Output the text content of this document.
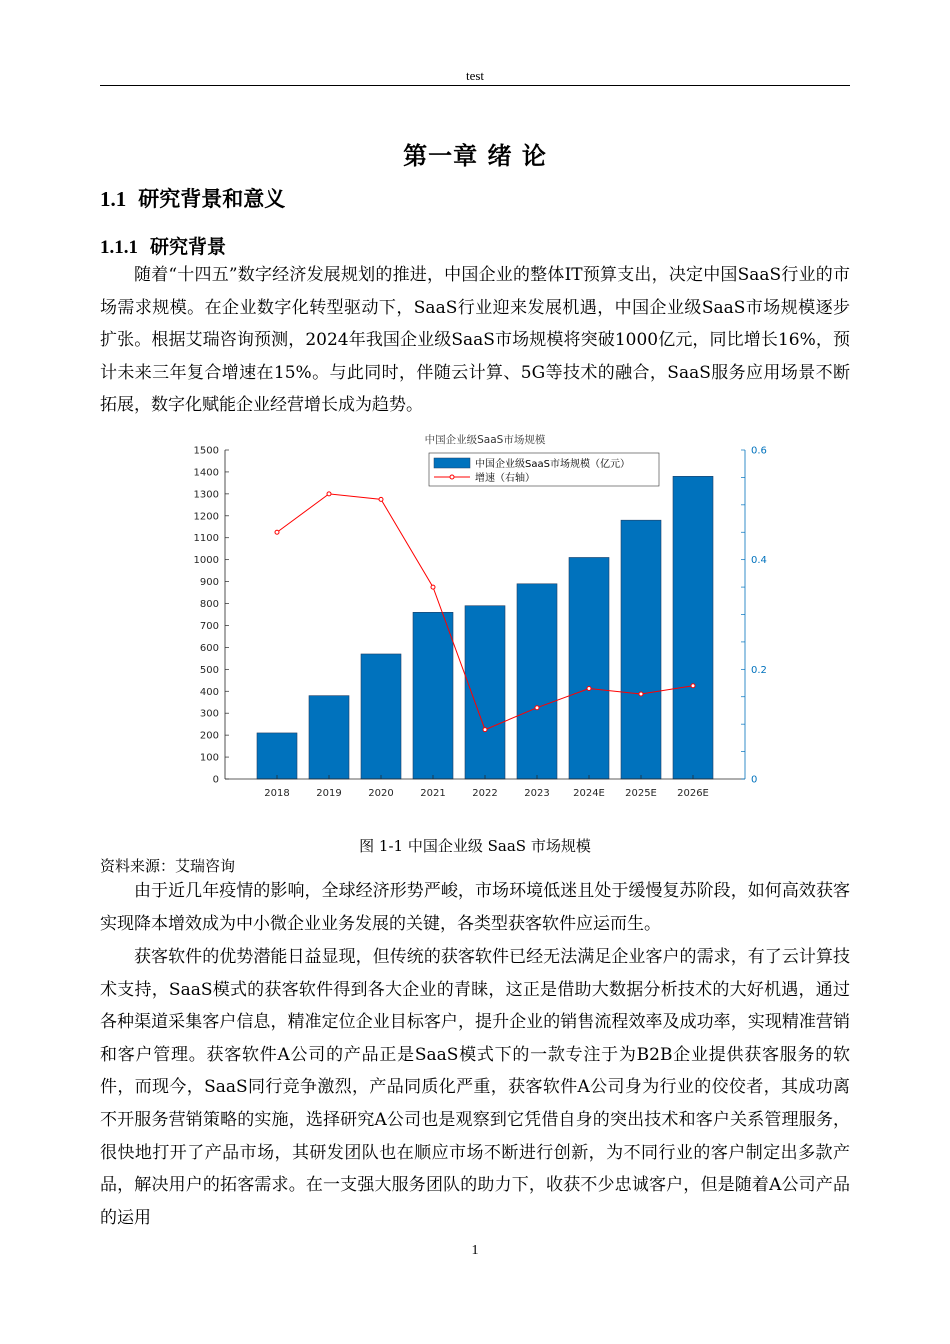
test
第一章 绪 论
1.1 研究背景和意义
1.1.1 研究背景

随着“十四五”数字经济发展规划的推进，中国企业的整体IT预算支出，决定中国SaaS行业的市场需求规模。在企业数字化转型驱动下，SaaS行业迎来发展机遇，中国企业级SaaS市场规模逐步扩张。根据艾瑞咨询预测，2024年我国企业级SaaS市场规模将突破1000亿元，同比增长16%，预计未来三年复合增速在15%。与此同时，伴随云计算、5G等技术的融合，SaaS服务应用场景不断拓展，数字化赋能企业经营增长成为趋势。

中国企业级SaaS市场规模
0
100
200
300
400
500
600
700
800
900
1000
1100
1200
1300
1400
1500
0
0.2
0.4
0.6
2018	2019	2020	2021	2022	2023 2024E 2025E 2026E
中国企业级SaaS市场规模（亿元）
增速（右轴）
图 1-1 中国企业级 SaaS 市场规模
资料来源：艾瑞咨询

由于近几年疫情的影响，全球经济形势严峻，市场环境低迷且处于缓慢复苏阶段，如何高效获客实现降本增效成为中小微企业业务发展的关键，各类型获客软件应运而生。

获客软件的优势潜能日益显现，但传统的获客软件已经无法满足企业客户的需求，有了云计算技术支持，SaaS模式的获客软件得到各大企业的青睐，这正是借助大数据分析技术的大好机遇，通过各种渠道采集客户信息，精准定位企业目标客户，提升企业的销售流程效率及成功率，实现精准营销和客户管理。获客软件A公司的产品正是SaaS模式下的一款专注于为B2B企业提供获客服务的软件，而现今，SaaS同行竞争激烈，产品同质化严重，获客软件A公司身为行业的佼佼者，其成功离不开服务营销策略的实施，选择研究A公司也是观察到它凭借自身的突出技术和客户关系管理服务，很快地打开了产品市场，其研发团队也在顺应市场不断进行创新，为不同行业的客户制定出多款产品，解决用户的拓客需求。在一支强大服务团队的助力下，收获不少忠诚客户，但是随着A公司产品的运用

1
